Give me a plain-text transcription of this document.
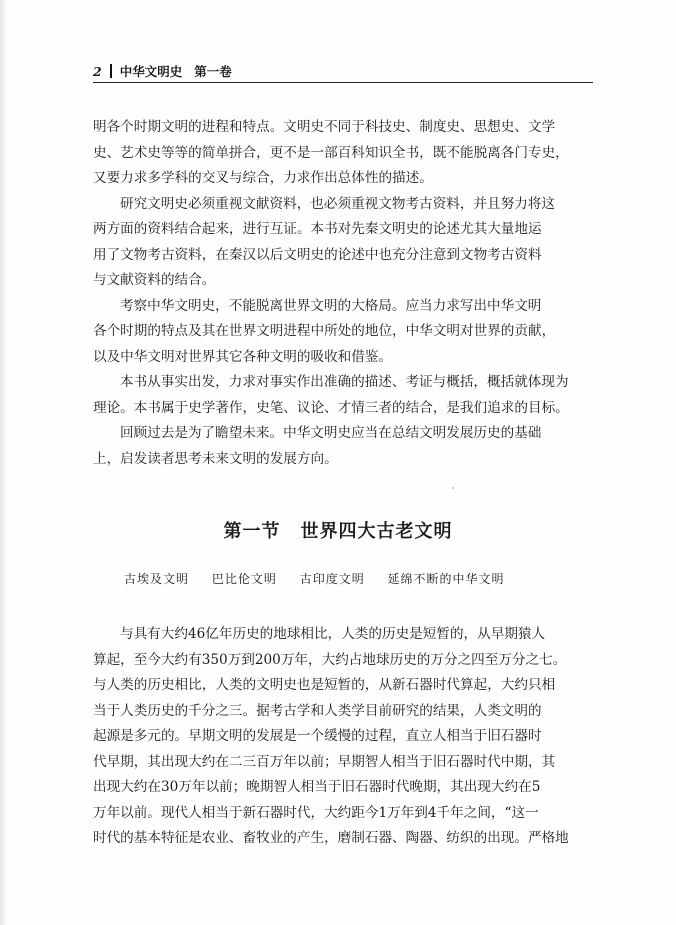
2 中华文明史 第一卷
明各个时期文明的进程和特点。文明史不同于科技史、制度史、思想史、文学
史、艺术史等等的简单拼合，更不是一部百科知识全书，既不能脱离各门专史，
又要力求多学科的交叉与综合，力求作出总体性的描述。
研究文明史必须重视文献资料，也必须重视文物考古资料，并且努力将这
两方面的资料结合起来，进行互证。本书对先秦文明史的论述尤其大量地运
用了文物考古资料，在秦汉以后文明史的论述中也充分注意到文物考古资料
与文献资料的结合。
考察中华文明史，不能脱离世界文明的大格局。应当力求写出中华文明
各个时期的特点及其在世界文明进程中所处的地位，中华文明对世界的贡献，
以及中华文明对世界其它各种文明的吸收和借鉴。
本书从事实出发，力求对事实作出准确的描述、考证与概括，概括就体现为
理论。本书属于史学著作，史笔、议论、才情三者的结合，是我们追求的目标。
回顾过去是为了瞻望未来。中华文明史应当在总结文明发展历史的基础
上，启发读者思考未来文明的发展方向。
第一节 世界四大古老文明
古埃及文明 巴比伦文明 古印度文明 延绵不断的中华文明
与具有大约46亿年历史的地球相比，人类的历史是短暂的，从早期猿人
算起，至今大约有350万到200万年，大约占地球历史的万分之四至万分之七。
与人类的历史相比，人类的文明史也是短暂的，从新石器时代算起，大约只相
当于人类历史的千分之三。据考古学和人类学目前研究的结果，人类文明的
起源是多元的。早期文明的发展是一个缓慢的过程，直立人相当于旧石器时
代早期，其出现大约在二三百万年以前；早期智人相当于旧石器时代中期，其
出现大约在30万年以前；晚期智人相当于旧石器时代晚期，其出现大约在5
万年以前。现代人相当于新石器时代，大约距今1万年到4千年之间，“这一
时代的基本特征是农业、畜牧业的产生，磨制石器、陶器、纺织的出现。严格地
